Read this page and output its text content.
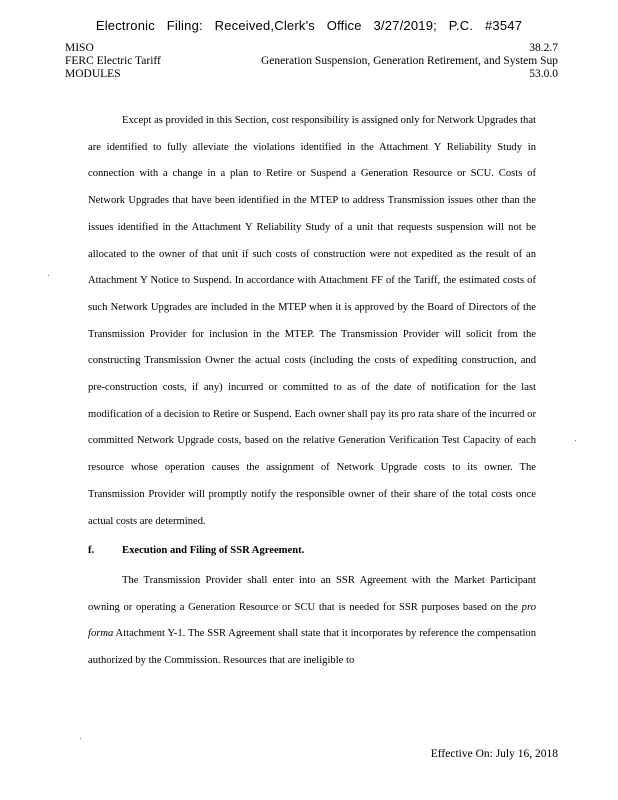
Electronic Filing: Received,Clerk's Office 3/27/2019; P.C. #3547
MISO
FERC Electric Tariff
MODULES
38.2.7
Generation Suspension, Generation Retirement, and System Sup
53.0.0

Except as provided in this Section, cost responsibility is assigned only for Network Upgrades that are identified to fully alleviate the violations identified in the Attachment Y Reliability Study in connection with a change in a plan to Retire or Suspend a Generation Resource or SCU. Costs of Network Upgrades that have been identified in the MTEP to address Transmission issues other than the issues identified in the Attachment Y Reliability Study of a unit that requests suspension will not be allocated to the owner of that unit if such costs of construction were not expedited as the result of an Attachment Y Notice to Suspend. In accordance with Attachment FF of the Tariff, the estimated costs of such Network Upgrades are included in the MTEP when it is approved by the Board of Directors of the Transmission Provider for inclusion in the MTEP. The Transmission Provider will solicit from the constructing Transmission Owner the actual costs (including the costs of expediting construction, and pre-construction costs, if any) incurred or committed to as of the date of notification for the last modification of a decision to Retire or Suspend. Each owner shall pay its pro rata share of the incurred or committed Network Upgrade costs, based on the relative Generation Verification Test Capacity of each resource whose operation causes the assignment of Network Upgrade costs to its owner. The Transmission Provider will promptly notify the responsible owner of their share of the total costs once actual costs are determined.

f.	Execution and Filing of SSR Agreement.

The Transmission Provider shall enter into an SSR Agreement with the Market Participant owning or operating a Generation Resource or SCU that is needed for SSR purposes based on the pro forma Attachment Y-1. The SSR Agreement shall state that it incorporates by reference the compensation authorized by the Commission. Resources that are ineligible to

Effective On: July 16, 2018
